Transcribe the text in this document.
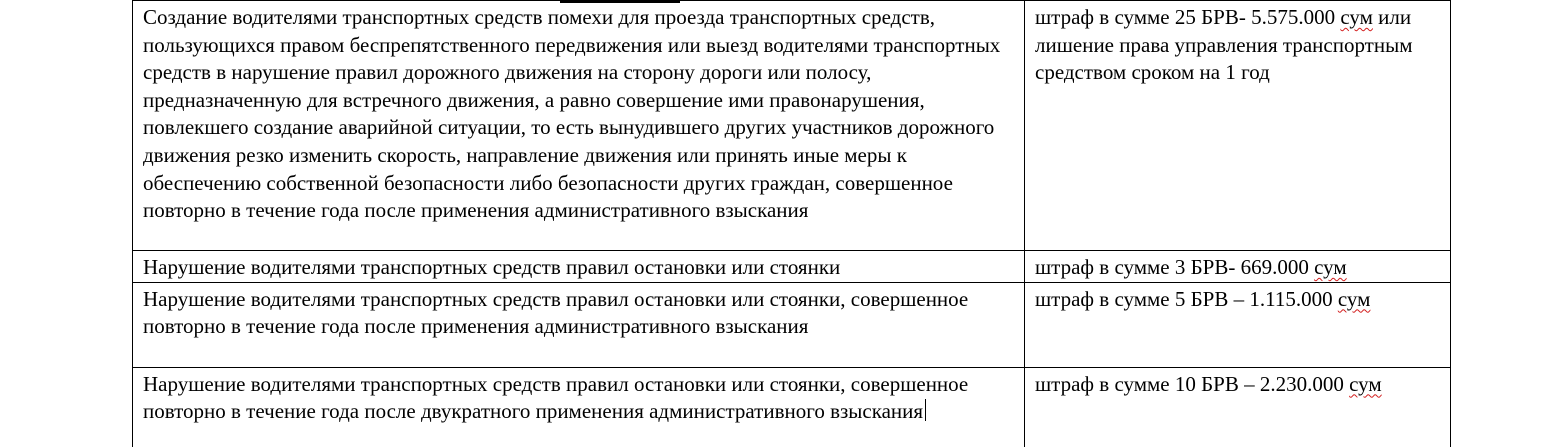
Создание водителями транспортных средств помехи для проезда транспортных средств, пользующихся правом беспрепятственного передвижения или выезд водителями транспортных средств в нарушение правил дорожного движения на сторону дороги или полосу, предназначенную для встречного движения, а равно совершение ими правонарушения, повлекшего создание аварийной ситуации, то есть вынудившего других участников дорожного движения резко изменить скорость, направление движения или принять иные меры к обеспечению собственной безопасности либо безопасности других граждан, совершенное повторно в течение года после применения административного взыскания	штраф в сумме 25 БРВ- 5.575.000 сум или лишение права управления транспортным средством сроком на 1 год
Нарушение водителями транспортных средств правил остановки или стоянки	штраф в сумме 3 БРВ- 669.000 сум
Нарушение водителями транспортных средств правил остановки или стоянки, совершенное повторно в течение года после применения административного взыскания	штраф в сумме 5 БРВ – 1.115.000 сум
Нарушение водителями транспортных средств правил остановки или стоянки, совершенное повторно в течение года после двукратного применения административного взыскания	штраф в сумме 10 БРВ – 2.230.000 сум
